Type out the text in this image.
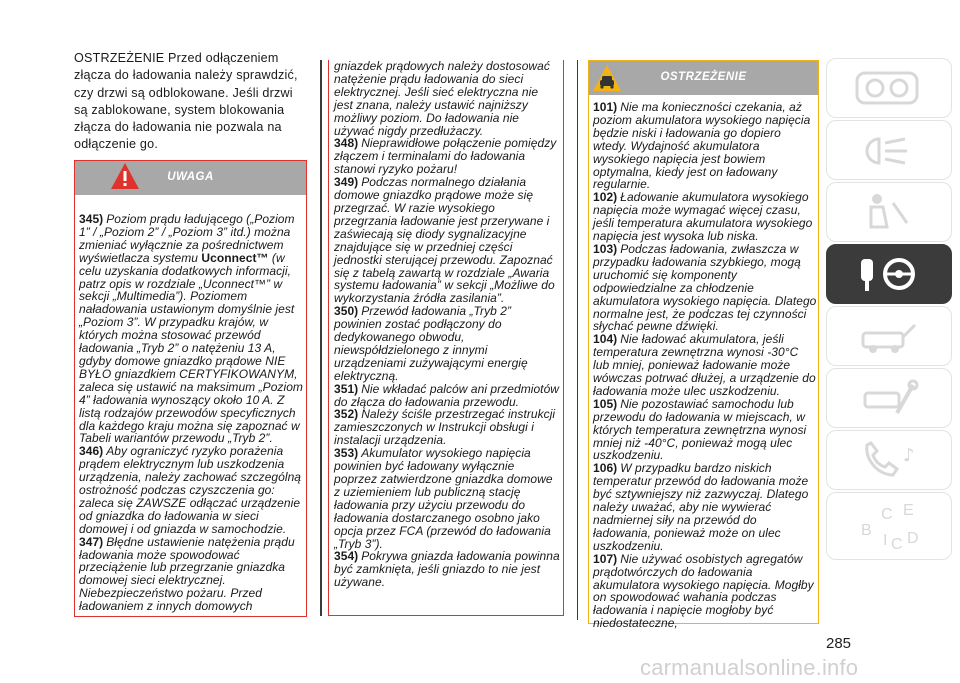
OSTRZEŻENIE Przed odłączeniem złącza do ładowania należy sprawdzić, czy drzwi są odblokowane. Jeśli drzwi są zablokowane, system blokowania złącza do ładowania nie pozwala na odłączenie go.
UWAGA

345) Poziom prądu ładującego („Poziom 1” / „Poziom 2” / „Poziom 3” itd.) można zmieniać wyłącznie za pośrednictwem wyświetlacza systemu Uconnect™ (w celu uzyskania dodatkowych informacji, patrz opis w rozdziale „Uconnect™” w sekcji „Multimedia”). Poziomem naładowania ustawionym domyślnie jest „Poziom 3”. W przypadku krajów, w których można stosować przewód ładowania „Tryb 2” o natężeniu 13 A, gdyby domowe gniazdko prądowe NIE BYŁO gniazdkiem CERTYFIKOWANYM, zaleca się ustawić na maksimum „Poziom 4” ładowania wynoszący około 10 A. Z listą rodzajów przewodów specyficznych dla każdego kraju można się zapoznać w Tabeli wariantów przewodu „Tryb 2”.

346) Aby ograniczyć ryzyko porażenia prądem elektrycznym lub uszkodzenia urządzenia, należy zachować szczególną ostrożność podczas czyszczenia go: zaleca się ZAWSZE odłączać urządzenie od gniazdka do ładowania w sieci domowej i od gniazda w samochodzie.

347) Błędne ustawienie natężenia prądu ładowania może spowodować przeciążenie lub przegrzanie gniazdka domowej sieci elektrycznej. Niebezpieczeństwo pożaru. Przed ładowaniem z innych domowych

gniazdek prądowych należy dostosować natężenie prądu ładowania do sieci elektrycznej. Jeśli sieć elektryczna nie jest znana, należy ustawić najniższy możliwy poziom. Do ładowania nie używać nigdy przedłużaczy.

348) Nieprawidłowe połączenie pomiędzy złączem i terminalami do ładowania stanowi ryzyko pożaru!

349) Podczas normalnego działania domowe gniazdko prądowe może się przegrzać. W razie wysokiego przegrzania ładowanie jest przerywane i zaświecają się diody sygnalizacyjne znajdujące się w przedniej części jednostki sterującej przewodu. Zapoznać się z tabelą zawartą w rozdziale „Awaria systemu ładowania” w sekcji „Możliwe do wykorzystania źródła zasilania”.

350) Przewód ładowania „Tryb 2” powinien zostać podłączony do dedykowanego obwodu, niewspółdzielonego z innymi urządzeniami zużywającymi energię elektryczną.

351) Nie wkładać palców ani przedmiotów do złącza do ładowania przewodu.

352) Należy ściśle przestrzegać instrukcji zamieszczonych w Instrukcji obsługi i instalacji urządzenia.

353) Akumulator wysokiego napięcia powinien być ładowany wyłącznie poprzez zatwierdzone gniazdka domowe z uziemieniem lub publiczną stację ładowania przy użyciu przewodu do ładowania dostarczanego osobno jako opcja przez FCA (przewód do ładowania „Tryb 3”).

354) Pokrywa gniazda ładowania powinna być zamknięta, jeśli gniazdo to nie jest używane.

OSTRZEŻENIE

101) Nie ma konieczności czekania, aż poziom akumulatora wysokiego napięcia będzie niski i ładowania go dopiero wtedy. Wydajność akumulatora wysokiego napięcia jest bowiem optymalna, kiedy jest on ładowany regularnie.

102) Ładowanie akumulatora wysokiego napięcia może wymagać więcej czasu, jeśli temperatura akumulatora wysokiego napięcia jest wysoka lub niska.

103) Podczas ładowania, zwłaszcza w przypadku ładowania szybkiego, mogą uruchomić się komponenty odpowiedzialne za chłodzenie akumulatora wysokiego napięcia. Dlatego normalne jest, że podczas tej czynności słychać pewne dźwięki.

104) Nie ładować akumulatora, jeśli temperatura zewnętrzna wynosi -30°C lub mniej, ponieważ ładowanie może wówczas potrwać dłużej, a urządzenie do ładowania może ulec uszkodzeniu.

105) Nie pozostawiać samochodu lub przewodu do ładowania w miejscach, w których temperatura zewnętrzna wynosi mniej niż -40°C, ponieważ mogą ulec uszkodzeniu.

106) W przypadku bardzo niskich temperatur przewód do ładowania może być sztywniejszy niż zazwyczaj. Dlatego należy uważać, aby nie wywierać nadmiernej siły na przewód do ładowania, ponieważ może on ulec uszkodzeniu.

107) Nie używać osobistych agregatów prądotwórczych do ładowania akumulatora wysokiego napięcia. Mogłby on spowodować wahania podczas ładowania i napięcie mogłoby być niedostateczne,

♪
B
C E
I C D
285
carmanualsonline.info
